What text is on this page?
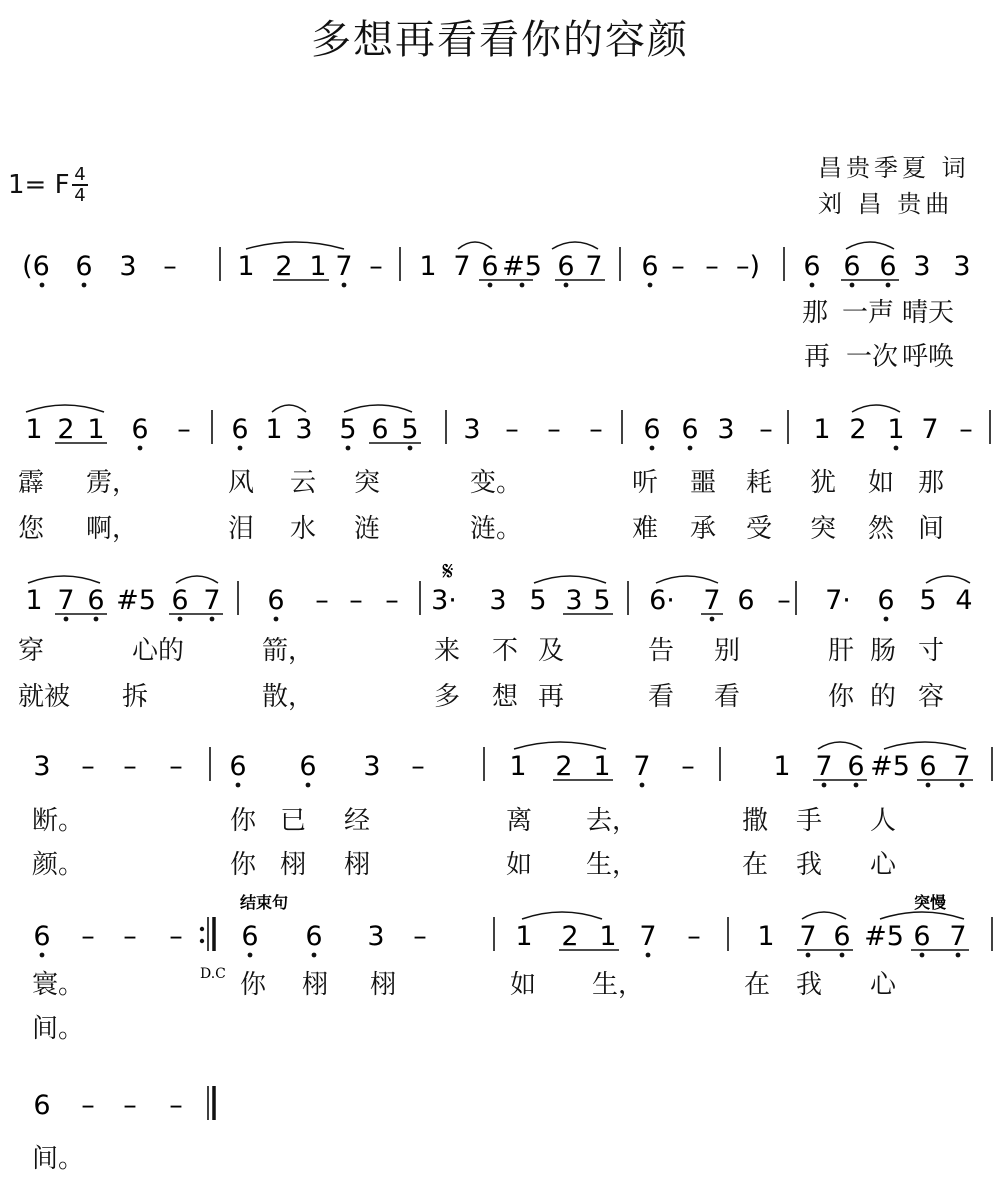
多想再看看你的容颜
1= F 4
4
昌贵季夏 词
刘 昌 贵曲
(6 6 3 – 1 2 1 7 – 1 7 6 #5 6 7 6 – – –) 6 6 6 3 3
1 2 1 6 – 6 1 3 5 6 5 3 – – – 6 6 3 – 1 2 1 7 –
1 7 6 #5 6 7 6 – – – 3· 3 5 3 5 6· 7 6 – 7· 6 5 4
3 – – – 6 6 3 –	1 2 1 7 –	1 7 6 #5 6 7
6 – – – 6 6 3 –	1 2 1 7 – 1 7 6 #5 6 7
6 – – –
𝄋
结束句	突慢
D.C
那 一声 晴天
再 一次 呼唤
霹 雳，	风 云 突	变。	听 噩 耗 犹 如 那
您 啊，	泪 水 涟	涟。	难 承 受 突 然 间
穿	心的	箭，	来 不 及	告 别	肝 肠 寸
就被 拆	散，	多 想 再	看 看	你 的 容
断。	你 已 经	离 去，	撒 手 人
颜。	你 栩 栩	如 生，	在 我 心
寰。	你 栩 栩	如 生，	在 我 心
间。
间。
